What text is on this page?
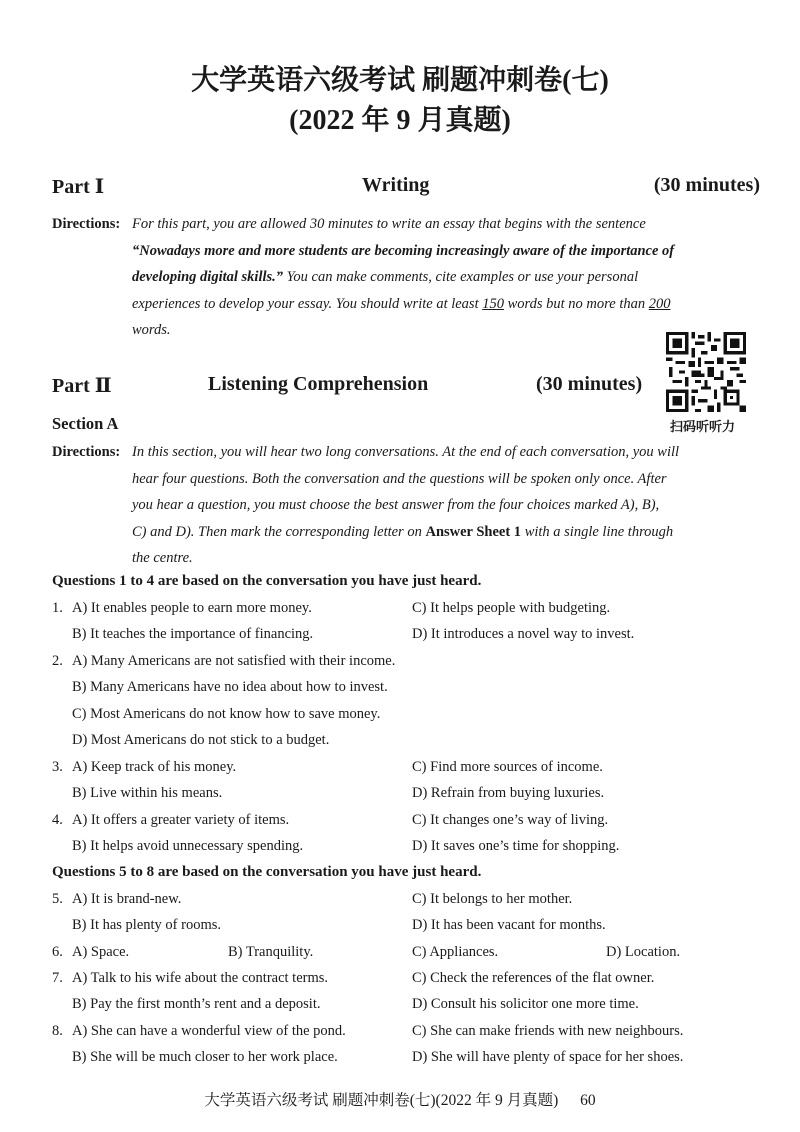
大学英语六级考试 刷题冲刺卷(七)
(2022 年 9 月真题)
Part Ⅰ	Writing	(30 minutes)
Directions: For this part, you are allowed 30 minutes to write an essay that begins with the sentence
“Nowadays more and more students are becoming increasingly aware of the importance of
developing digital skills.” You can make comments, cite examples or use your personal
experiences to develop your essay. You should write at least 150 words but no more than 200
words.
Part Ⅱ	Listening Comprehension	(30 minutes)
扫码听听力
Section A
Directions: In this section, you will hear two long conversations. At the end of each conversation, you will
hear four questions. Both the conversation and the questions will be spoken only once. After
you hear a question, you must choose the best answer from the four choices marked A), B),
C) and D). Then mark the corresponding letter on Answer Sheet 1 with a single line through
the centre.
Questions 1 to 4 are based on the conversation you have just heard.
1. A) It enables people to earn more money.	C) It helps people with budgeting.
B) It teaches the importance of financing.	D) It introduces a novel way to invest.
2. A) Many Americans are not satisfied with their income.
B) Many Americans have no idea about how to invest.
C) Most Americans do not know how to save money.
D) Most Americans do not stick to a budget.
3. A) Keep track of his money.	C) Find more sources of income.
B) Live within his means.	D) Refrain from buying luxuries.
4. A) It offers a greater variety of items.	C) It changes one’s way of living.
B) It helps avoid unnecessary spending.	D) It saves one’s time for shopping.
Questions 5 to 8 are based on the conversation you have just heard.
5. A) It is brand-new.	C) It belongs to her mother.
B) It has plenty of rooms.	D) It has been vacant for months.
6. A) Space.	B) Tranquility.	C) Appliances.	D) Location.
7. A) Talk to his wife about the contract terms.	C) Check the references of the flat owner.
B) Pay the first month’s rent and a deposit.	D) Consult his solicitor one more time.
8. A) She can have a wonderful view of the pond.	C) She can make friends with new neighbours.
B) She will be much closer to her work place.	D) She will have plenty of space for her shoes.
大学英语六级考试 刷题冲刺卷(七)(2022 年 9 月真题) 60
